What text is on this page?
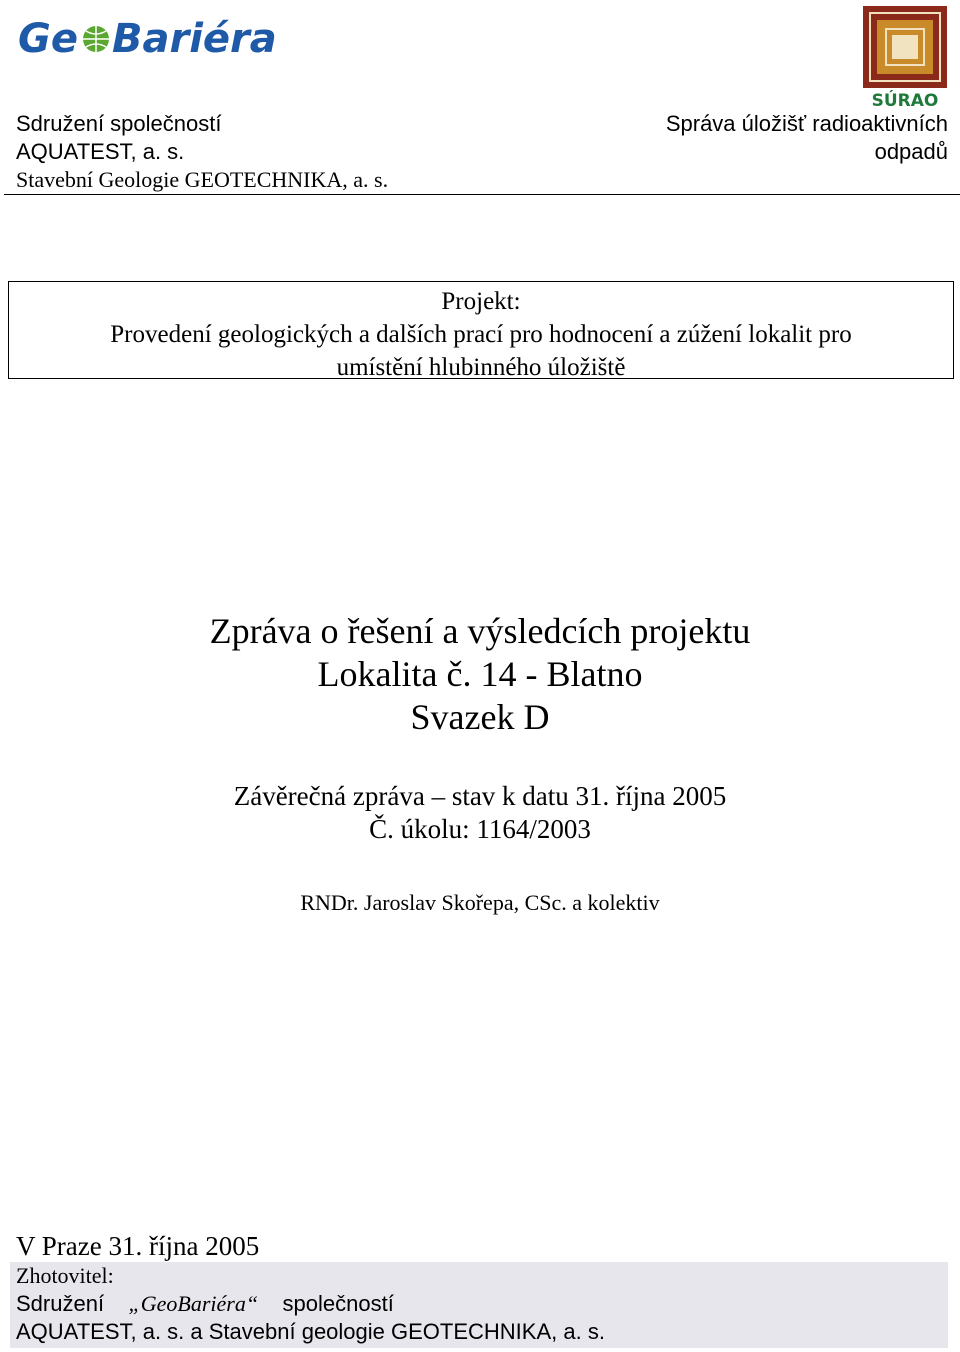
Ge Bariéra
SÚRAO
Sdružení společností
AQUATEST, a. s.
Stavební Geologie GEOTECHNIKA, a. s.
Správa úložišť radioaktivních
odpadů
Projekt:
Provedení geologických a dalších prací pro hodnocení a zúžení lokalit pro
umístění hlubinného úložiště
Zpráva o řešení a výsledcích projektu
Lokalita č. 14 - Blatno
Svazek D
Závěrečná zpráva – stav k datu 31. října 2005
Č. úkolu: 1164/2003
RNDr. Jaroslav Skořepa, CSc. a kolektiv
V Praze 31. října 2005
Zhotovitel:
Sdružení „GeoBariéra“ společností
AQUATEST, a. s. a Stavební geologie GEOTECHNIKA, a. s.
